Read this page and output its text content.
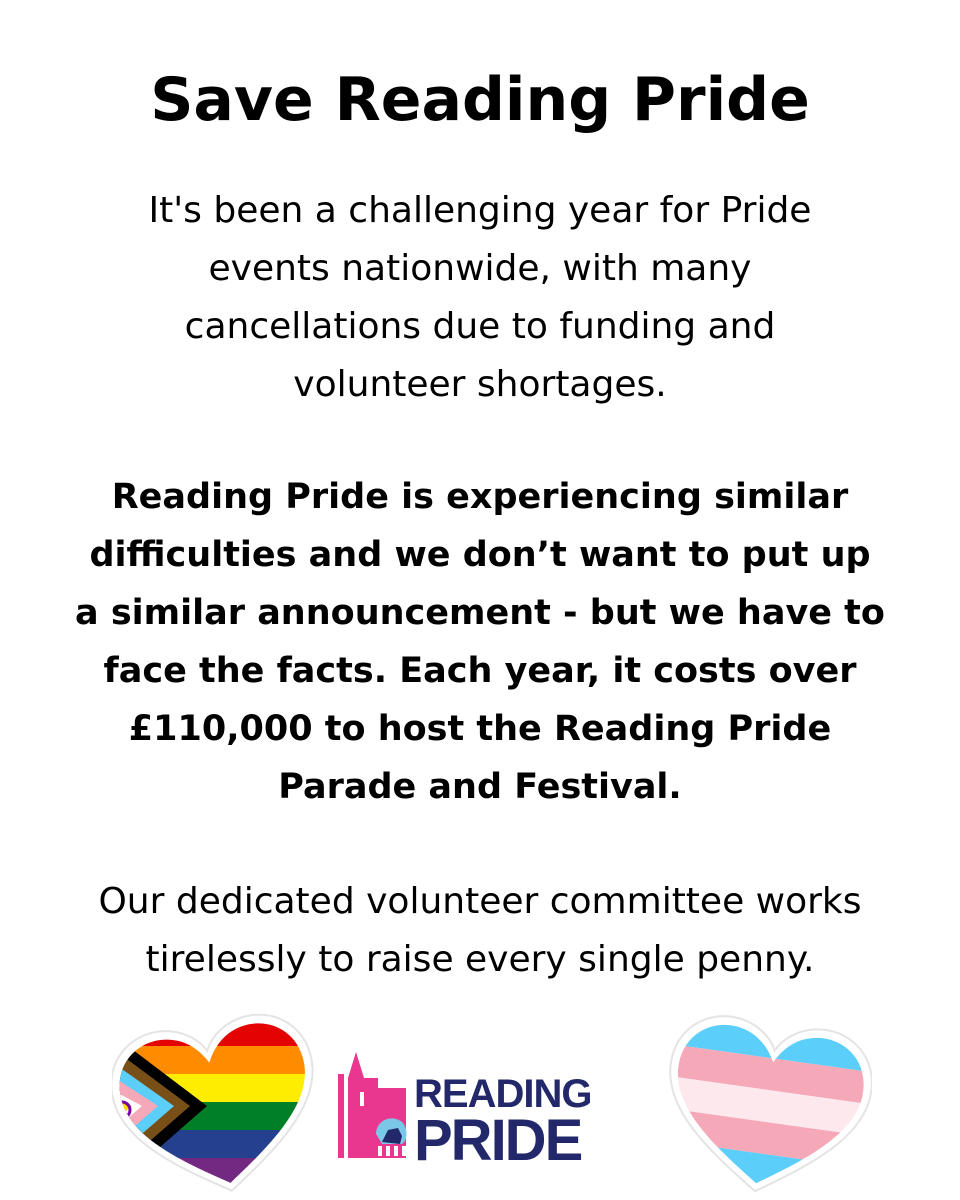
Save Reading Pride
It's been a challenging year for Pride
events nationwide, with many
cancellations due to funding and
volunteer shortages.
Reading Pride is experiencing similar
difficulties and we don’t want to put up
a similar announcement - but we have to
face the facts. Each year, it costs over
£110,000 to host the Reading Pride
Parade and Festival.
Our dedicated volunteer committee works
tirelessly to raise every single penny.
READING
PRIDE
